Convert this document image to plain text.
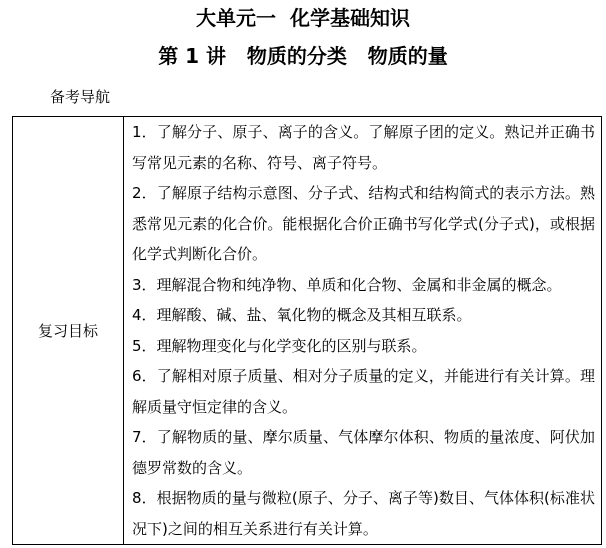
大单元一  化学基础知识
第 1 讲   物质的分类   物质的量
备考导航
复习目标	
1．了解分子、原子、离子的含义。了解原子团的定义。熟记并正确书写常见元素的名称、符号、离子符号。
2．了解原子结构示意图、分子式、结构式和结构简式的表示方法。熟悉常见元素的化合价。能根据化合价正确书写化学式(分子式)，或根据化学式判断化合价。
3．理解混合物和纯净物、单质和化合物、金属和非金属的概念。
4．理解酸、碱、盐、氧化物的概念及其相互联系。
5．理解物理变化与化学变化的区别与联系。
6．了解相对原子质量、相对分子质量的定义，并能进行有关计算。理解质量守恒定律的含义。
7．了解物质的量、摩尔质量、气体摩尔体积、物质的量浓度、阿伏加德罗常数的含义。
8．根据物质的量与微粒(原子、分子、离子等)数目、气体体积(标准状况下)之间的相互关系进行有关计算。
